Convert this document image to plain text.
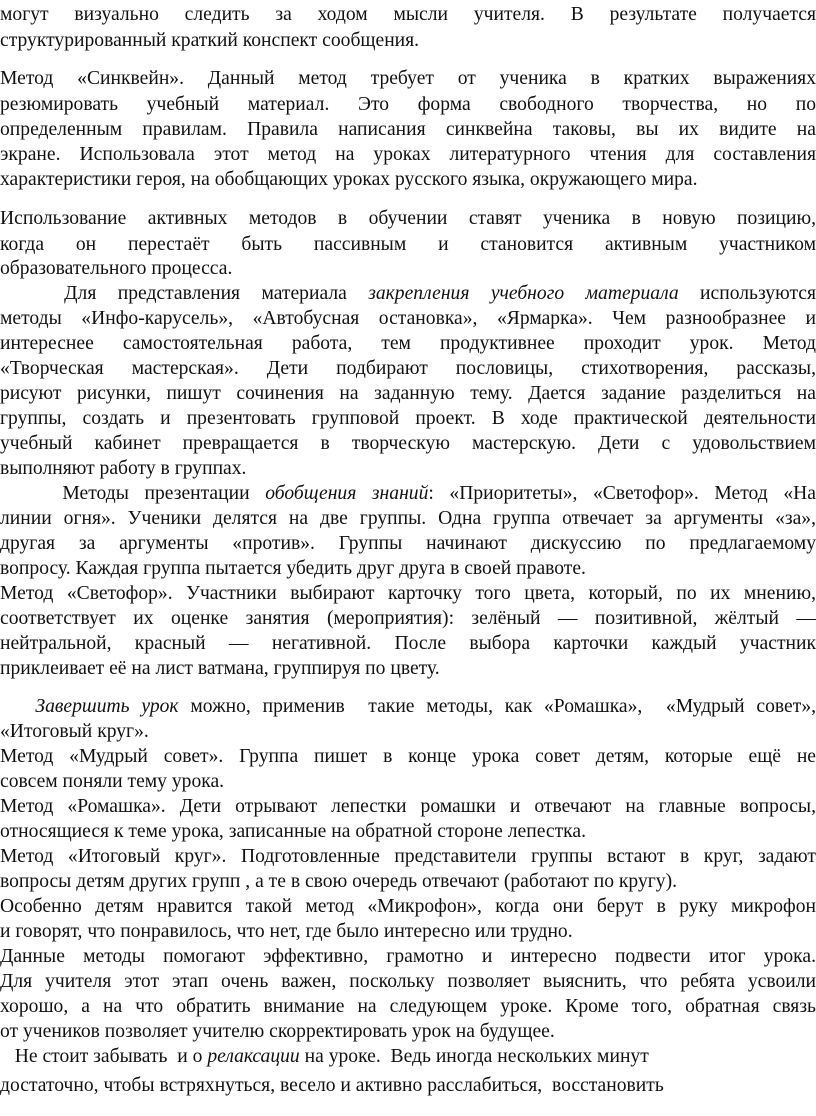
могут визуально следить за ходом мысли учителя. В результате получается
структурированный краткий конспект сообщения.
Метод «Синквейн». Данный метод требует от ученика в кратких выражениях
резюмировать учебный материал. Это форма свободного творчества, но по
определенным правилам. Правила написания синквейна таковы, вы их видите на
экране. Использовала этот метод на уроках литературного чтения для составления
характеристики героя, на обобщающих уроках русского языка, окружающего мира.
Использование активных методов в обучении ставят ученика в новую позицию,
когда он перестаёт быть пассивным и становится активным участником
образовательного процесса.
Для представления материала закрепления учебного материала используются
методы «Инфо-карусель», «Автобусная остановка», «Ярмарка». Чем разнообразнее и
интереснее самостоятельная работа, тем продуктивнее проходит урок. Метод
«Творческая мастерская». Дети подбирают пословицы, стихотворения, рассказы,
рисуют рисунки, пишут сочинения на заданную тему. Дается задание разделиться на
группы, создать и презентовать групповой проект. В ходе практической деятельности
учебный кабинет превращается в творческую мастерскую. Дети с удовольствием
выполняют работу в группах.
Методы презентации обобщения знаний: «Приоритеты», «Светофор». Метод «На
линии огня». Ученики делятся на две группы. Одна группа отвечает за аргументы «за»,
другая за аргументы «против». Группы начинают дискуссию по предлагаемому
вопросу. Каждая группа пытается убедить друг друга в своей правоте.
Метод «Светофор». Участники выбирают карточку того цвета, который, по их мнению,
соответствует их оценке занятия (мероприятия): зелёный — позитивной, жёлтый —
нейтральной, красный — негативной. После выбора карточки каждый участник
приклеивает её на лист ватмана, группируя по цвету.
Завершить урок можно, применив  такие методы, как «Ромашка»,  «Мудрый совет»,
«Итоговый круг».
Метод «Мудрый совет». Группа пишет в конце урока совет детям, которые ещё не
совсем поняли тему урока.
Метод «Ромашка». Дети отрывают лепестки ромашки и отвечают на главные вопросы,
относящиеся к теме урока, записанные на обратной стороне лепестка.
Метод «Итоговый круг». Подготовленные представители группы встают в круг, задают
вопросы детям других групп , а те в свою очередь отвечают (работают по кругу).
Особенно детям нравится такой метод «Микрофон», когда они берут в руку микрофон
и говорят, что понравилось, что нет, где было интересно или трудно.
Данные методы помогают эффективно, грамотно и интересно подвести итог урока.
Для учителя этот этап очень важен, поскольку позволяет выяснить, что ребята усвоили
хорошо, а на что обратить внимание на следующем уроке. Кроме того, обратная связь
от учеников позволяет учителю скорректировать урок на будущее.
Не стоит забывать  и о релаксации на уроке.  Ведь иногда нескольких минут
достаточно, чтобы встряхнуться, весело и активно расслабиться,  восстановить
